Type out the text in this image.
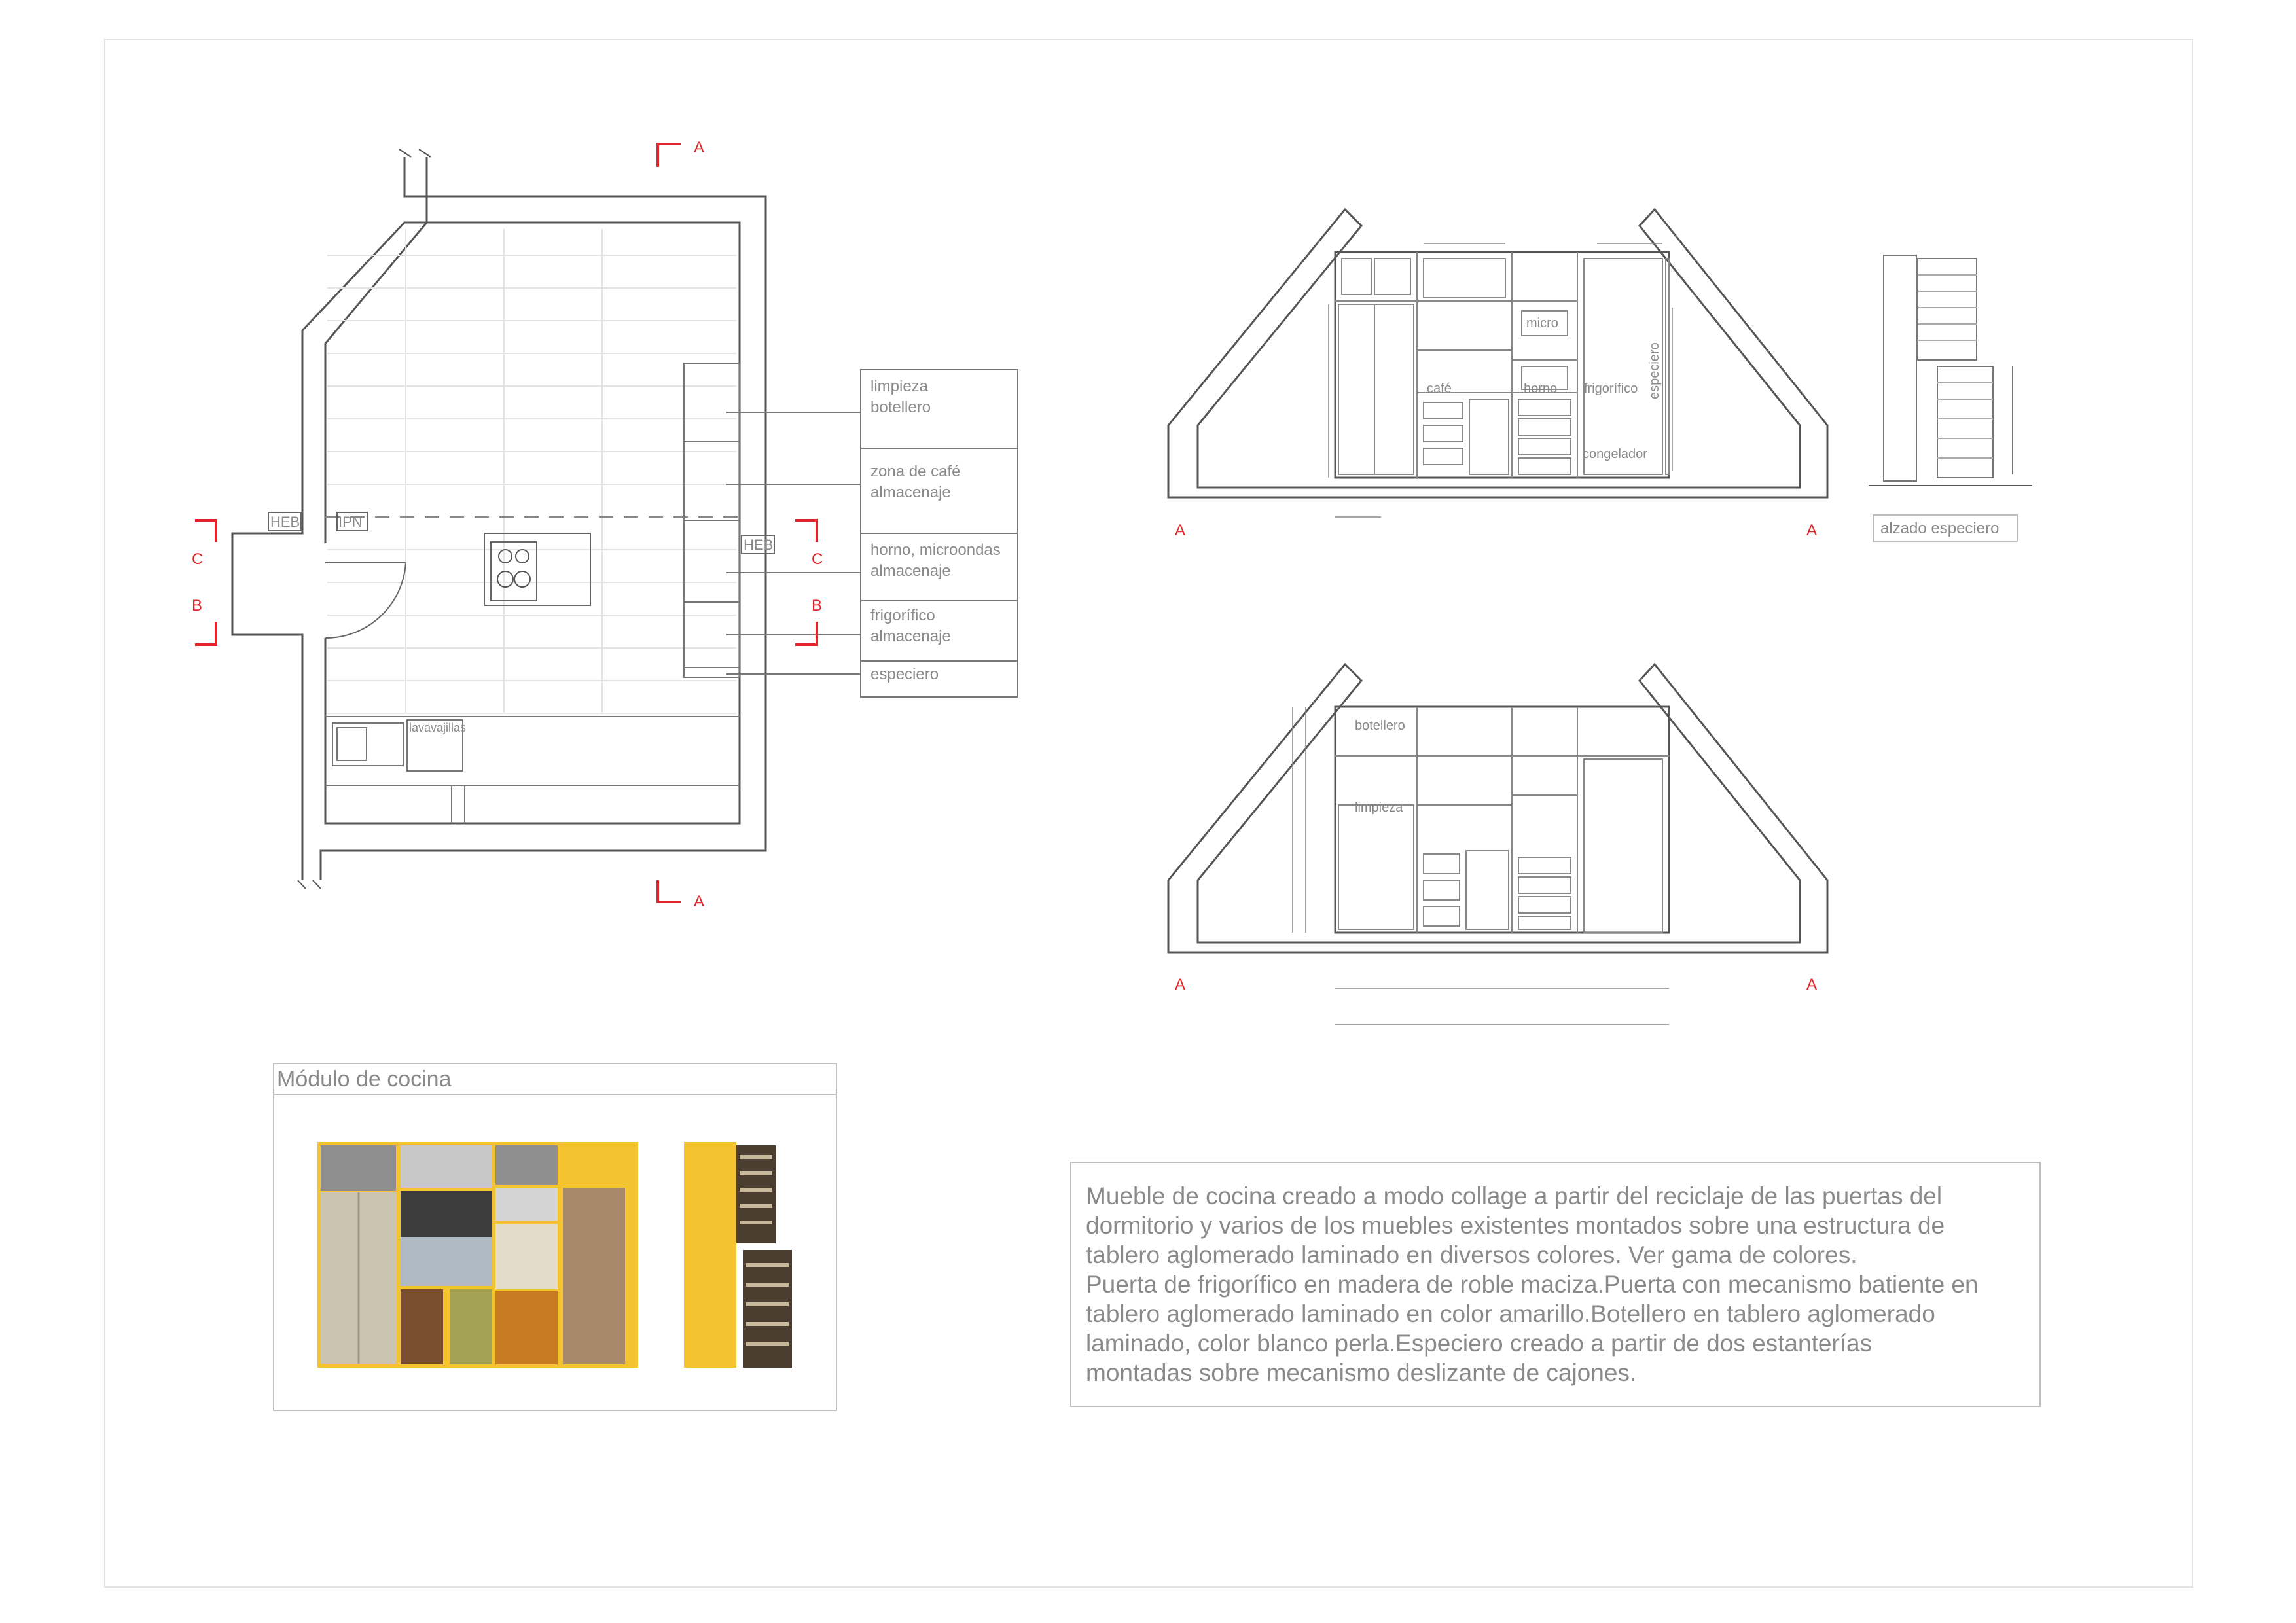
A
A
C
B
C
B
A	A
A	A
HEB	IPN
HEB
lavavajillas
café
micro
horno frigorífico
congelador
especiero
botellero
limpieza
alzado especiero
Módulo de cocina
limpieza botellero
zona de café almacenaje
horno, microondas almacenaje
frigorífico almacenaje
especiero
Mueble de cocina creado a modo collage a partir del reciclaje de las puertas del
dormitorio y varios de los muebles existentes montados sobre una estructura de
tablero aglomerado laminado en diversos colores. Ver gama de colores.
Puerta de frigorífico en madera de roble maciza.Puerta con mecanismo batiente en
tablero aglomerado laminado en color amarillo.Botellero en tablero aglomerado
laminado, color blanco perla.Especiero creado a partir de dos estanterías
montadas sobre mecanismo deslizante de cajones.
